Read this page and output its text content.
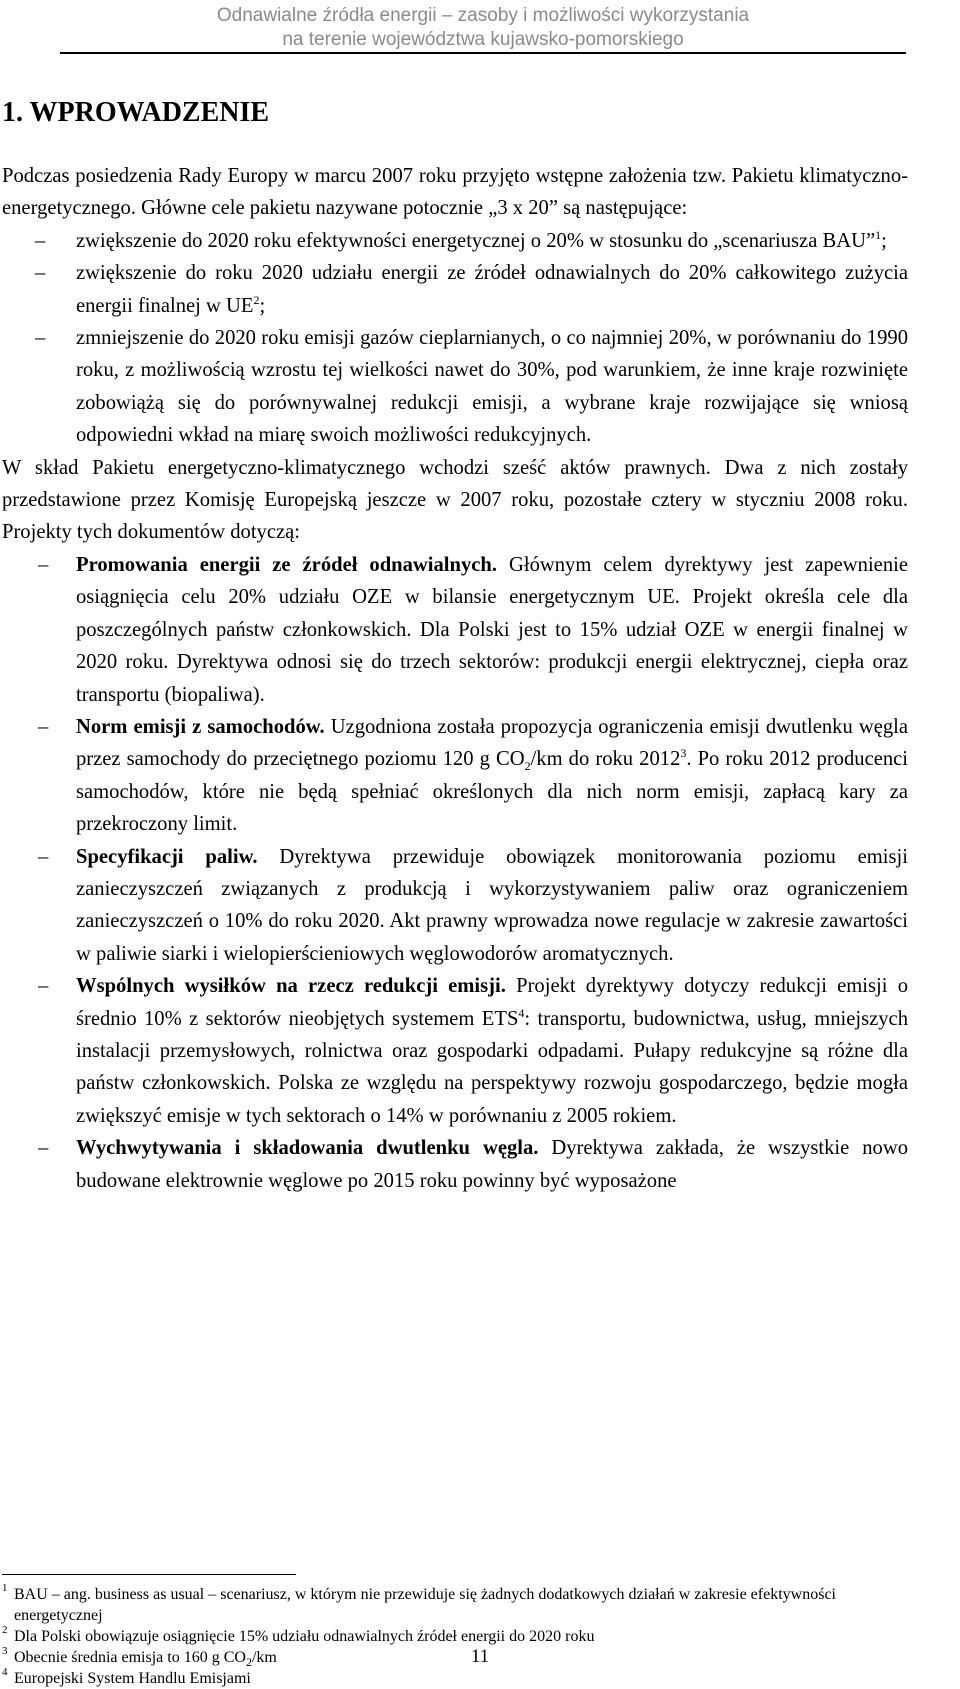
Odnawialne źródła energii – zasoby i możliwości wykorzystania
na terenie województwa kujawsko-pomorskiego
1. WPROWADZENIE

Podczas posiedzenia Rady Europy w marcu 2007 roku przyjęto wstępne założenia tzw. Pakietu klimatyczno-energetycznego. Główne cele pakietu nazywane potocznie „3 x 20” są następujące:

– zwiększenie do 2020 roku efektywności energetycznej o 20% w stosunku do „scenariusza BAU”$^1$;

– zwiększenie do roku 2020 udziału energii ze źródeł odnawialnych do 20% całkowitego zużycia energii finalnej w $UE^2$;

– zmniejszenie do 2020 roku emisji gazów cieplarnianych, o co najmniej 20%, w porównaniu do 1990 roku, z możliwością wzrostu tej wielkości nawet do 30%, pod warunkiem, że inne kraje rozwinięte zobowiążą się do porównywalnej redukcji emisji, a wybrane kraje rozwijające się wniosą odpowiedni wkład na miarę swoich możliwości redukcyjnych.

W skład Pakietu energetyczno-klimatycznego wchodzi sześć aktów prawnych. Dwa z nich zostały przedstawione przez Komisję Europejską jeszcze w 2007 roku, pozostałe cztery w styczniu 2008 roku. Projekty tych dokumentów dotyczą:

– Promowania energii ze źródeł odnawialnych. Głównym celem dyrektywy jest zapewnienie osiągnięcia celu 20% udziału OZE w bilansie energetycznym UE. Projekt określa cele dla poszczególnych państw członkowskich. Dla Polski jest to 15% udział OZE w energii finalnej w 2020 roku. Dyrektywa odnosi się do trzech sektorów: produkcji energii elektrycznej, ciepła oraz transportu (biopaliwa).

– Norm emisji z samochodów. Uzgodniona została propozycja ograniczenia emisji dwutlenku węgla przez samochody do przeciętnego poziomu 120 g $CO_2/km$ do roku 2012$^3$. Po roku 2012 producenci samochodów, które nie będą spełniać określonych dla nich norm emisji, zapłacą kary za przekroczony limit.

– Specyfikacji paliw. Dyrektywa przewiduje obowiązek monitorowania poziomu emisji zanieczyszczeń związanych z produkcją i wykorzystywaniem paliw oraz ograniczeniem zanieczyszczeń o 10% do roku 2020. Akt prawny wprowadza nowe regulacje w zakresie zawartości w paliwie siarki i wielopierścieniowych węglowodorów aromatycznych.

– Wspólnych wysiłków na rzecz redukcji emisji. Projekt dyrektywy dotyczy redukcji emisji o średnio 10% z sektorów nieobjętych systemem ETS$^4$: transportu, budownictwa, usług, mniejszych instalacji przemysłowych, rolnictwa oraz gospodarki odpadami. Pułapy redukcyjne są różne dla państw członkowskich. Polska ze względu na perspektywy rozwoju gospodarczego, będzie mogła zwiększyć emisje w tych sektorach o 14% w porównaniu z 2005 rokiem.

– Wychwytywania i składowania dwutlenku węgla. Dyrektywa zakłada, że wszystkie nowo budowane elektrownie węglowe po 2015 roku powinny być wyposażone

1 BAU – ang. business as usual – scenariusz, w którym nie przewiduje się żadnych dodatkowych działań w zakresie efektywności energetycznej

2 Dla Polski obowiązuje osiągnięcie 15% udziału odnawialnych źródeł energii do 2020 roku

3 Obecnie średnia emisja to 160 g $CO_2/km$

4 Europejski System Handlu Emisjami

11
